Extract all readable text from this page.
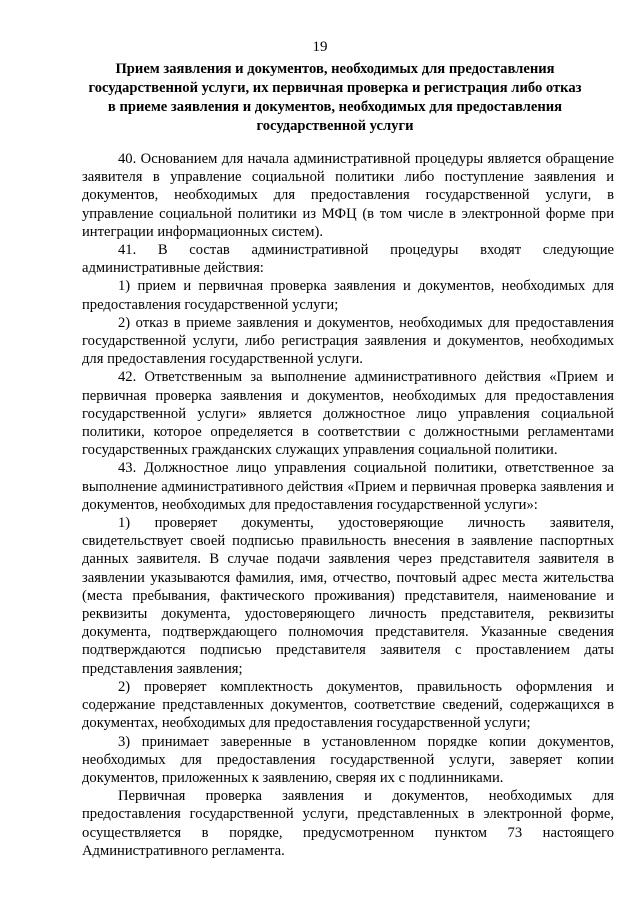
19
Прием заявления и документов, необходимых для предоставления
государственной услуги, их первичная проверка и регистрация либо отказ
в приеме заявления и документов, необходимых для предоставления
государственной услуги

40. Основанием для начала административной процедуры является обращение заявителя в управление социальной политики либо поступление заявления и документов, необходимых для предоставления государственной услуги, в управление социальной политики из МФЦ (в том числе в электронной форме при интеграции информационных систем).

41. В состав административной процедуры входят следующие административные действия:

1) прием и первичная проверка заявления и документов, необходимых для предоставления государственной услуги;

2) отказ в приеме заявления и документов, необходимых для предоставления государственной услуги, либо регистрация заявления и документов, необходимых для предоставления государственной услуги.

42. Ответственным за выполнение административного действия «Прием и первичная проверка заявления и документов, необходимых для предоставления государственной услуги» является должностное лицо управления социальной политики, которое определяется в соответствии с должностными регламентами государственных гражданских служащих управления социальной политики.

43. Должностное лицо управления социальной политики, ответственное за выполнение административного действия «Прием и первичная проверка заявления и документов, необходимых для предоставления государственной услуги»:

1) проверяет документы, удостоверяющие личность заявителя, свидетельствует своей подписью правильность внесения в заявление паспортных данных заявителя. В случае подачи заявления через представителя заявителя в заявлении указываются фамилия, имя, отчество, почтовый адрес места жительства (места пребывания, фактического проживания) представителя, наименование и реквизиты документа, удостоверяющего личность представителя, реквизиты документа, подтверждающего полномочия представителя. Указанные сведения подтверждаются подписью представителя заявителя с проставлением даты представления заявления;

2) проверяет комплектность документов, правильность оформления и содержание представленных документов, соответствие сведений, содержащихся в документах, необходимых для предоставления государственной услуги;

3) принимает заверенные в установленном порядке копии документов, необходимых для предоставления государственной услуги, заверяет копии документов, приложенных к заявлению, сверяя их с подлинниками.

Первичная проверка заявления и документов, необходимых для предоставления государственной услуги, представленных в электронной форме, осуществляется в порядке, предусмотренном пунктом 73 настоящего Административного регламента.
